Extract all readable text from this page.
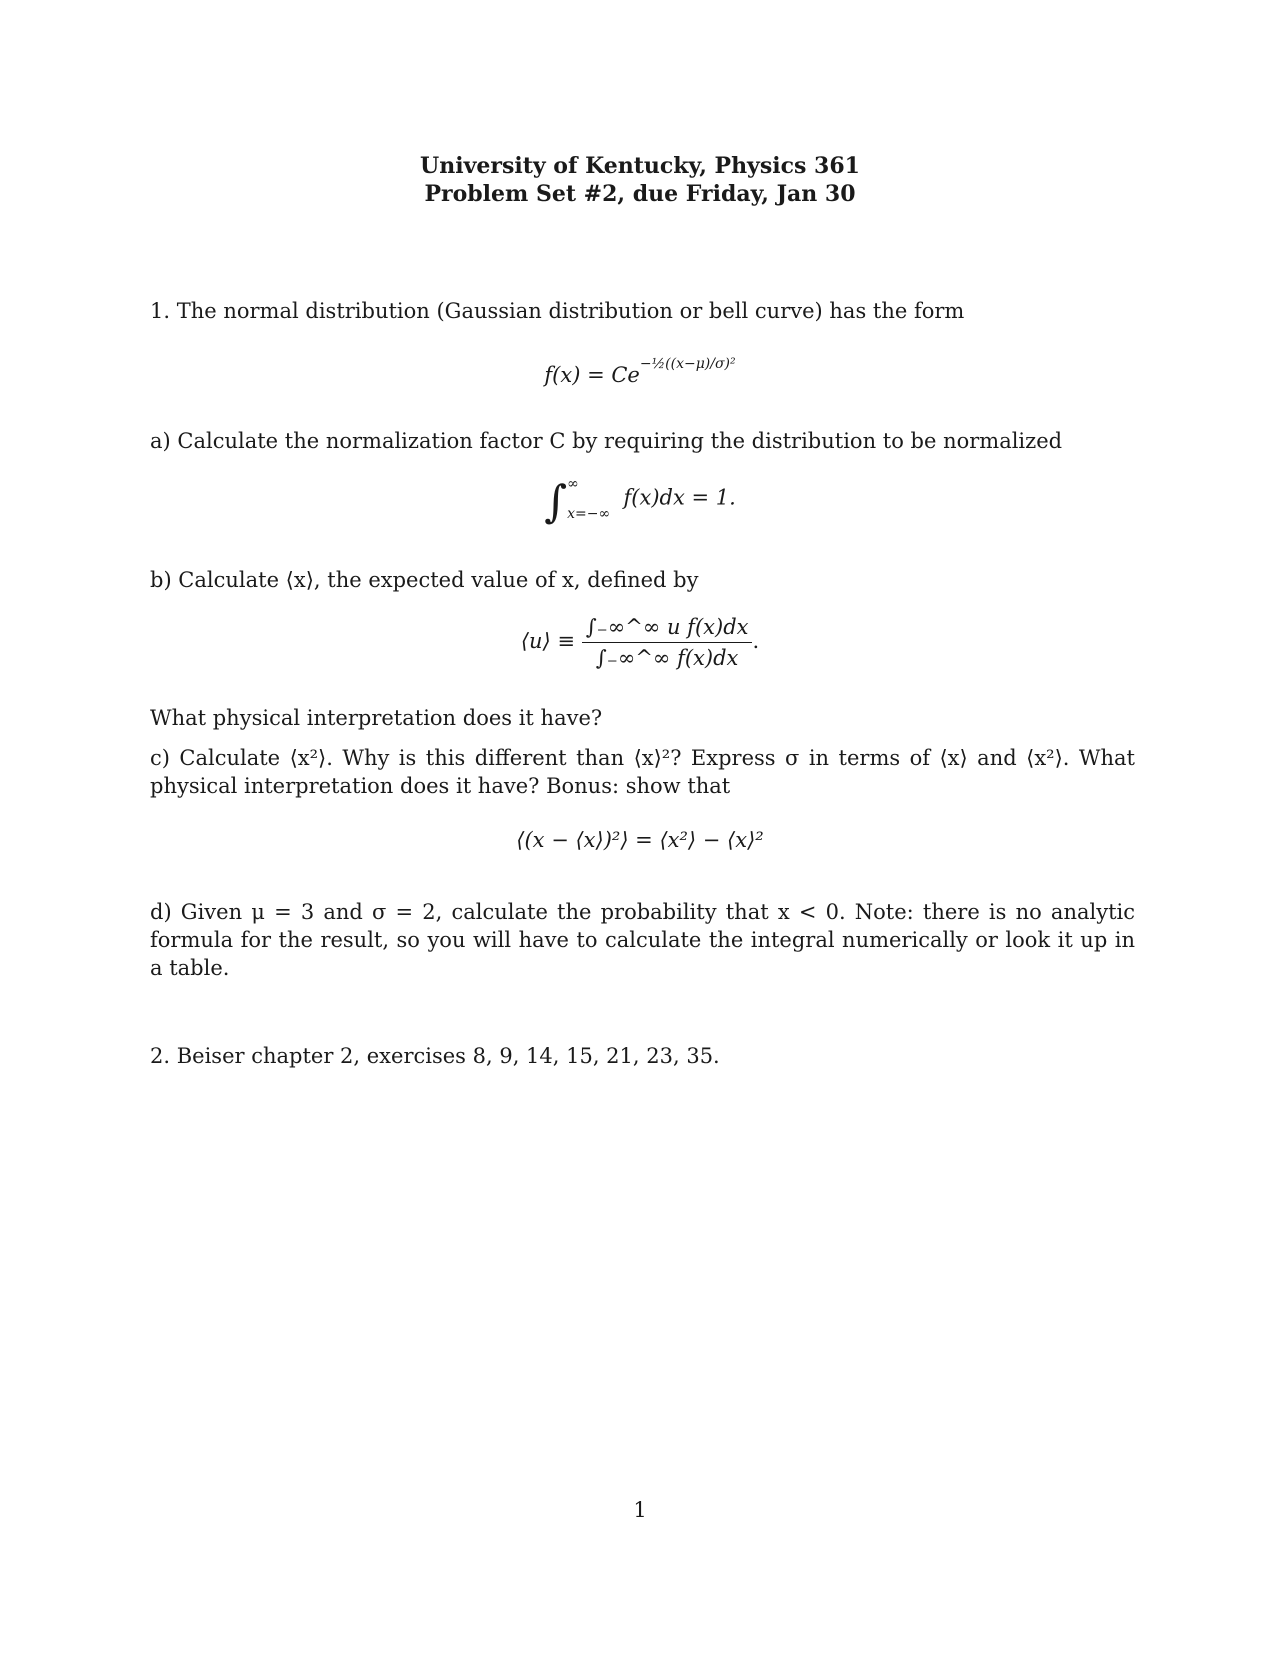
University of Kentucky, Physics 361
Problem Set #2, due Friday, Jan 30
1. The normal distribution (Gaussian distribution or bell curve) has the form
$f(x) = Ce^{-\frac{1}{2}((x-\mu)/\sigma)^2}$
a) Calculate the normalization factor C by requiring the distribution to be normalized
∫ ∞
x=−∞
f(x)dx = 1.
b) Calculate ⟨x⟩, the expected value of x, defined by
⟨u⟩ ≡ $\frac{\text{∫₋∞\textasciicircum{}∞ u f(x)dx}}{\int_-\infty\^{}\infty f(x)dx}$ .
What physical interpretation does it have?
c) Calculate ⟨x²⟩. Why is this different than ⟨x⟩²? Express σ in terms of ⟨x⟩ and ⟨x²⟩. What physical interpretation does it have? Bonus: show that
⟨(x − ⟨x⟩)²⟩ = ⟨x²⟩ − ⟨x⟩²
d) Given μ = 3 and σ = 2, calculate the probability that x < 0. Note: there is no analytic formula for the result, so you will have to calculate the integral numerically or look it up in a table.
2. Beiser chapter 2, exercises 8, 9, 14, 15, 21, 23, 35.
1
